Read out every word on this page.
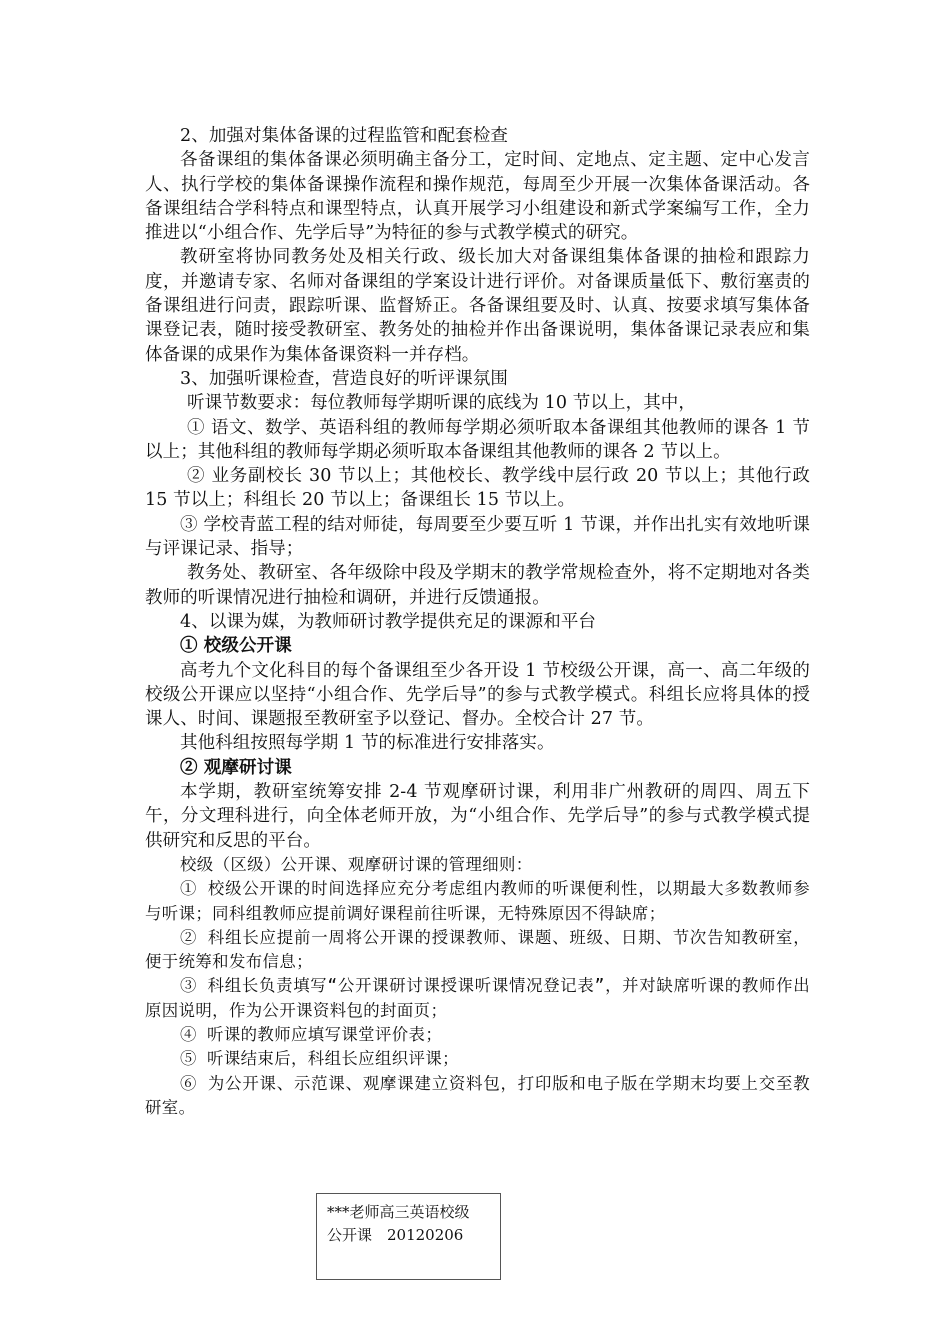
2、加强对集体备课的过程监管和配套检查

各备课组的集体备课必须明确主备分工，定时间、定地点、定主题、定中心发言人、执行学校的集体备课操作流程和操作规范，每周至少开展一次集体备课活动。各备课组结合学科特点和课型特点，认真开展学习小组建设和新式学案编写工作，全力推进以“小组合作、先学后导”为特征的参与式教学模式的研究。

教研室将协同教务处及相关行政、级长加大对备课组集体备课的抽检和跟踪力度，并邀请专家、名师对备课组的学案设计进行评价。对备课质量低下、敷衍塞责的备课组进行问责，跟踪听课、监督矫正。各备课组要及时、认真、按要求填写集体备课登记表，随时接受教研室、教务处的抽检并作出备课说明，集体备课记录表应和集体备课的成果作为集体备课资料一并存档。

3、加强听课检查，营造良好的听评课氛围

听课节数要求：每位教师每学期听课的底线为 10 节以上，其中，

① 语文、数学、英语科组的教师每学期必须听取本备课组其他教师的课各 1 节以上；其他科组的教师每学期必须听取本备课组其他教师的课各 2 节以上。

② 业务副校长 30 节以上；其他校长、教学线中层行政 20 节以上；其他行政 15 节以上；科组长 20 节以上；备课组长 15 节以上。

③ 学校青蓝工程的结对师徒，每周要至少要互听 1 节课，并作出扎实有效地听课与评课记录、指导；

教务处、教研室、各年级除中段及学期末的教学常规检查外，将不定期地对各类教师的听课情况进行抽检和调研，并进行反馈通报。

4、以课为媒，为教师研讨教学提供充足的课源和平台

① 校级公开课

高考九个文化科目的每个备课组至少各开设 1 节校级公开课，高一、高二年级的校级公开课应以坚持“小组合作、先学后导”的参与式教学模式。科组长应将具体的授课人、时间、课题报至教研室予以登记、督办。全校合计 27 节。

其他科组按照每学期 1 节的标准进行安排落实。

② 观摩研讨课

本学期，教研室统筹安排 2-4 节观摩研讨课，利用非广州教研的周四、周五下午，分文理科进行，向全体老师开放，为“小组合作、先学后导”的参与式教学模式提供研究和反思的平台。

校级（区级）公开课、观摩研讨课的管理细则：

① 校级公开课的时间选择应充分考虑组内教师的听课便利性，以期最大多数教师参与听课；同科组教师应提前调好课程前往听课，无特殊原因不得缺席；

② 科组长应提前一周将公开课的授课教师、课题、班级、日期、节次告知教研室，便于统筹和发布信息；

③ 科组长负责填写“公开课研讨课授课听课情况登记表”，并对缺席听课的教师作出原因说明，作为公开课资料包的封面页；

④ 听课的教师应填写课堂评价表；

⑤ 听课结束后，科组长应组织评课；

⑥ 为公开课、示范课、观摩课建立资料包，打印版和电子版在学期末均要上交至教研室。

***老师高三英语校级
公开课　20120206
